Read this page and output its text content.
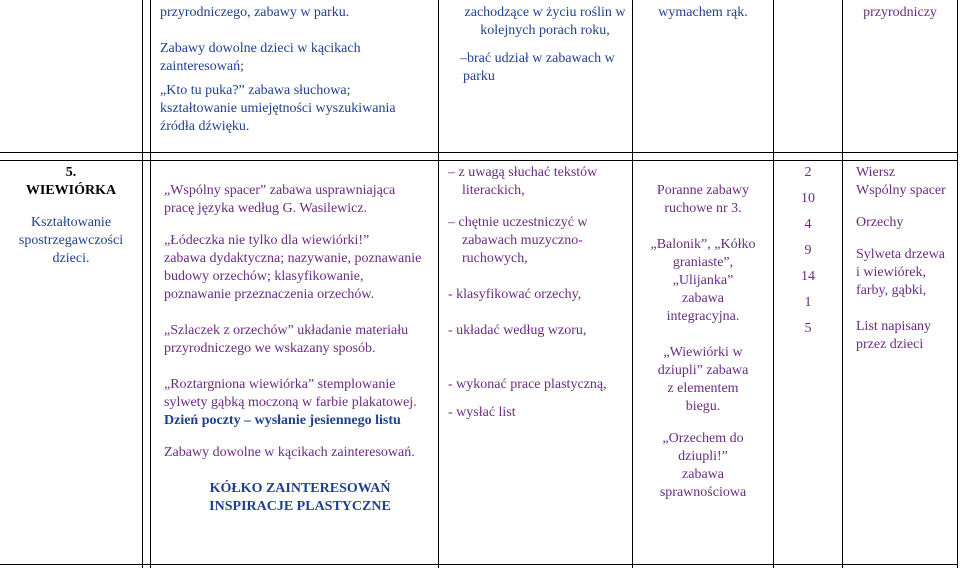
przyrodniczego, zabawy w parku.

Zabawy dowolne dzieci w kącikach zainteresowań;

„Kto tu puka?” zabawa słuchowa;

kształtowanie umiejętności wyszukiwania

źródła dźwięku.

zachodzące w życiu roślin w

kolejnych porach roku,

–brać udział w zabawach w

parku

wymachem rąk.	przyrodniczy

5.

WIEWIÓRKA

Kształtowanie

spostrzegawczości

dzieci.

„Wspólny spacer” zabawa usprawniająca

pracę języka według G. Wasilewicz.

„Łódeczka nie tylko dla wiewiórki!”

zabawa dydaktyczna; nazywanie, poznawanie

budowy orzechów; klasyfikowanie,

poznawanie przeznaczenia orzechów.

„Szlaczek z orzechów” układanie materiału

przyrodniczego we wskazany sposób.

„Roztargniona wiewiórka” stemplowanie

sylwety gąbką moczoną w farbie plakatowej.

Dzień poczty – wysłanie jesiennego listu

Zabawy dowolne w kącikach zainteresowań.

KÓŁKO ZAINTERESOWAŃ

INSPIRACJE PLASTYCZNE

– z uwagą słuchać tekstów

literackich,

– chętnie uczestniczyć w

zabawach muzyczno-

ruchowych,

- klasyfikować orzechy,

- układać według wzoru,

- wykonać prace plastyczną,

- wysłać list

Poranne zabawy

ruchowe nr 3.

„Balonik”, „Kółko

graniaste”,

„Ulijanka”

zabawa

integracyjna.

„Wiewiórki w

dziupli” zabawa

z elementem

biegu.

„Orzechem do

dziupli!”

zabawa

sprawnościowa

2

10

4

9

14

1

5

Wiersz

Wspólny spacer

Orzechy

Sylweta drzewa

i wiewiórek,

farby, gąbki,

List napisany

przez dzieci
